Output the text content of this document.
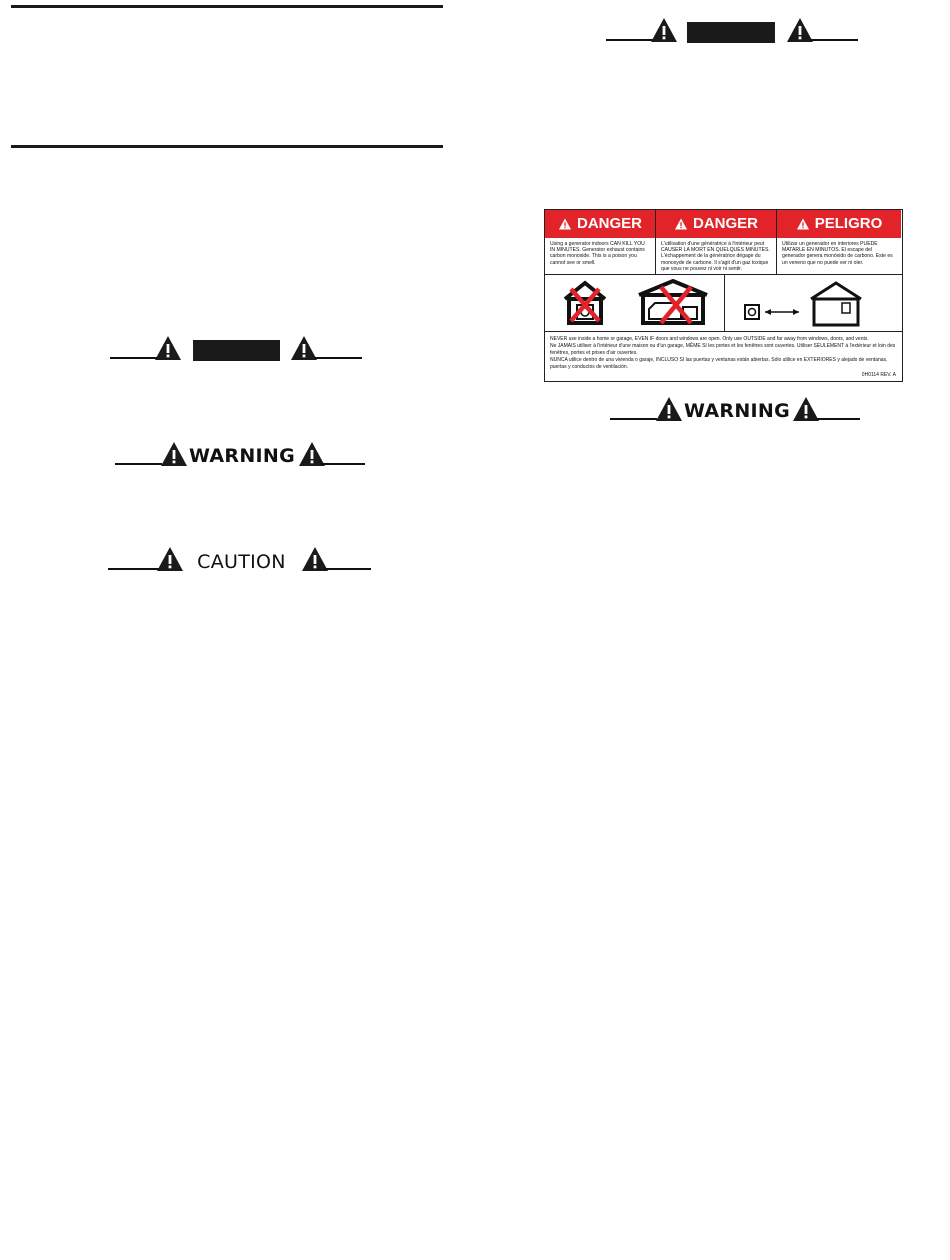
WARNING
CAUTION
DANGER	DANGER	PELIGRO
Using a generator indoors CAN KILL YOU IN MINUTES. Generator exhaust contains carbon monoxide. This is a poison you cannot see or smell.
L'utilisation d'une génératrice à l'intérieur peut CAUSER LA MORT EN QUELQUES MINUTES. L'échappement de la génératrice dégage du monoxyde de carbone. Il s'agit d'un gaz toxique que vous ne pouvez ni voir ni sentir.
Utilizar un generador en interiores PUEDE MATARLE EN MINUTOS. El escape del generador genera monóxido de carbono. Este es un veneno que no puede ver ni oler.

NEVER use inside a home or garage, EVEN IF doors and windows are open. Only use OUTSIDE and far away from windows, doors, and vents.

Ne JAMAIS utiliser à l'intérieur d'une maison ou d'un garage, MÊME SI les portes et les fenêtres sont ouvertes. Utiliser SEULEMENT à l'extérieur et loin des fenêtres, portes et prises d'air ouvertes.

NUNCA utilice dentro de una vivienda o garaje, INCLUSO SI las puertas y ventanas están abiertas. Sólo utilice en EXTERIORES y alejado de ventanas, puertas y conductos de ventilación.

0H0114 REV. A
WARNING
